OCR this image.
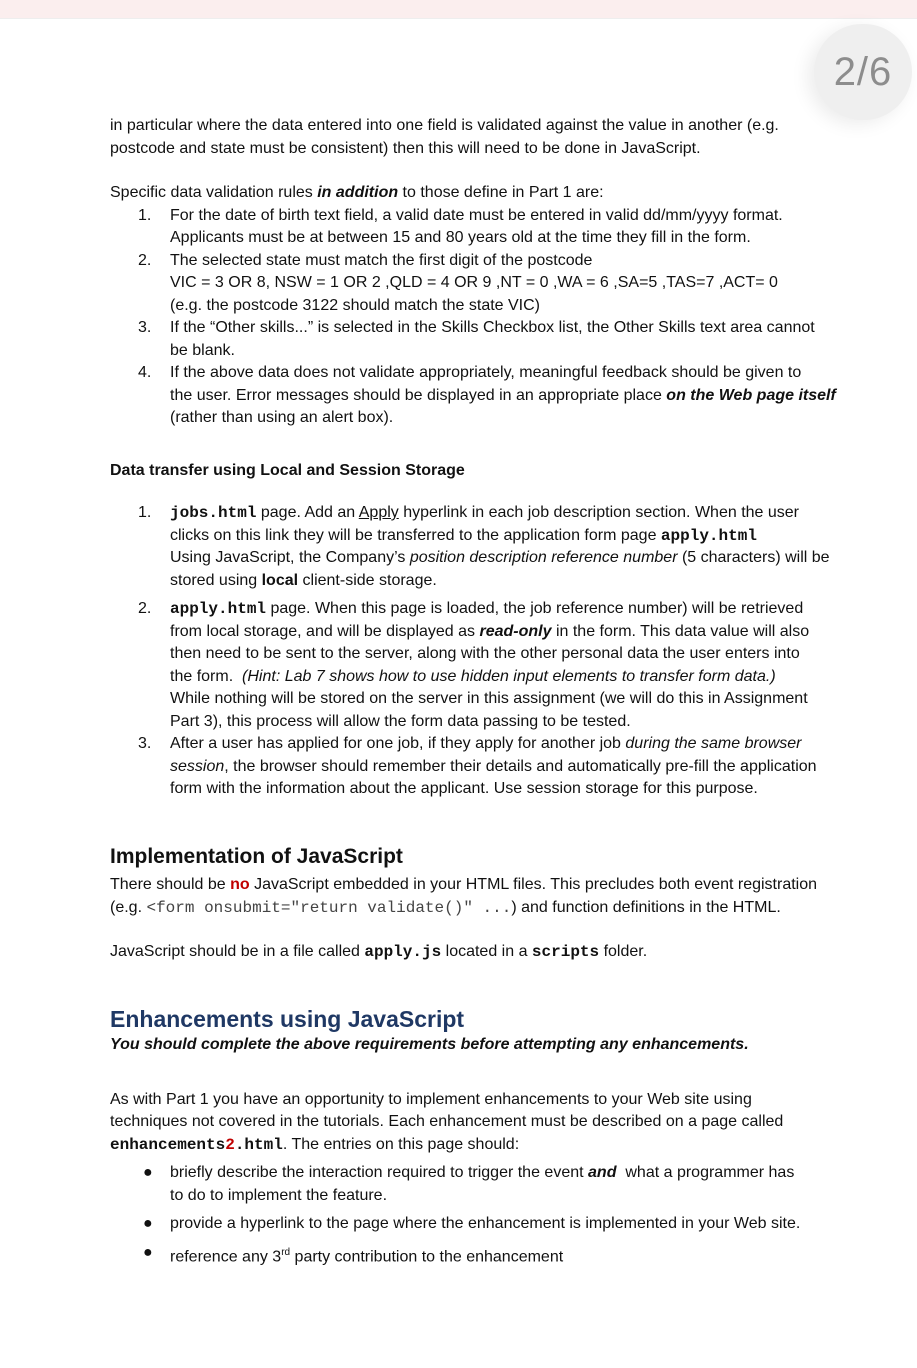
2/6

in particular where the data entered into one field is validated against the value in another (e.g.
postcode and state must be consistent) then this will need to be done in JavaScript.

Specific data validation rules in addition to those define in Part 1 are:

1. For the date of birth text field, a valid date must be entered in valid dd/mm/yyyy format.
Applicants must be at between 15 and 80 years old at the time they fill in the form.
2. The selected state must match the first digit of the postcode
VIC = 3 OR 8, NSW = 1 OR 2 ,QLD = 4 OR 9 ,NT = 0 ,WA = 6 ,SA=5 ,TAS=7 ,ACT= 0
(e.g. the postcode 3122 should match the state VIC)
3. If the “Other skills...” is selected in the Skills Checkbox list, the Other Skills text area cannot
be blank.
4. If the above data does not validate appropriately, meaningful feedback should be given to
the user. Error messages should be displayed in an appropriate place on the Web page itself
(rather than using an alert box).

Data transfer using Local and Session Storage

1. jobs.html page. Add an Apply hyperlink in each job description section. When the user
clicks on this link they will be transferred to the application form page apply.html
Using JavaScript, the Company’s position description reference number (5 characters) will be
stored using local client-side storage.
2. apply.html page. When this page is loaded, the job reference number) will be retrieved
from local storage, and will be displayed as read-only in the form. This data value will also
then need to be sent to the server, along with the other personal data the user enters into
the form.  (Hint: Lab 7 shows how to use hidden input elements to transfer form data.)
While nothing will be stored on the server in this assignment (we will do this in Assignment
Part 3), this process will allow the form data passing to be tested.
3. After a user has applied for one job, if they apply for another job during the same browser
session, the browser should remember their details and automatically pre-fill the application
form with the information about the applicant. Use session storage for this purpose.

Implementation of JavaScript

There should be no JavaScript embedded in your HTML files. This precludes both event registration
(e.g. <form onsubmit="return validate()" ...) and function definitions in the HTML.

JavaScript should be in a file called apply.js located in a scripts folder.

Enhancements using JavaScript

You should complete the above requirements before attempting any enhancements.

As with Part 1 you have an opportunity to implement enhancements to your Web site using
techniques not covered in the tutorials. Each enhancement must be described on a page called
enhancements2.html. The entries on this page should:

● briefly describe the interaction required to trigger the event and  what a programmer has
to do to implement the feature.
● provide a hyperlink to the page where the enhancement is implemented in your Web site.
● reference any 3rd party contribution to the enhancement
